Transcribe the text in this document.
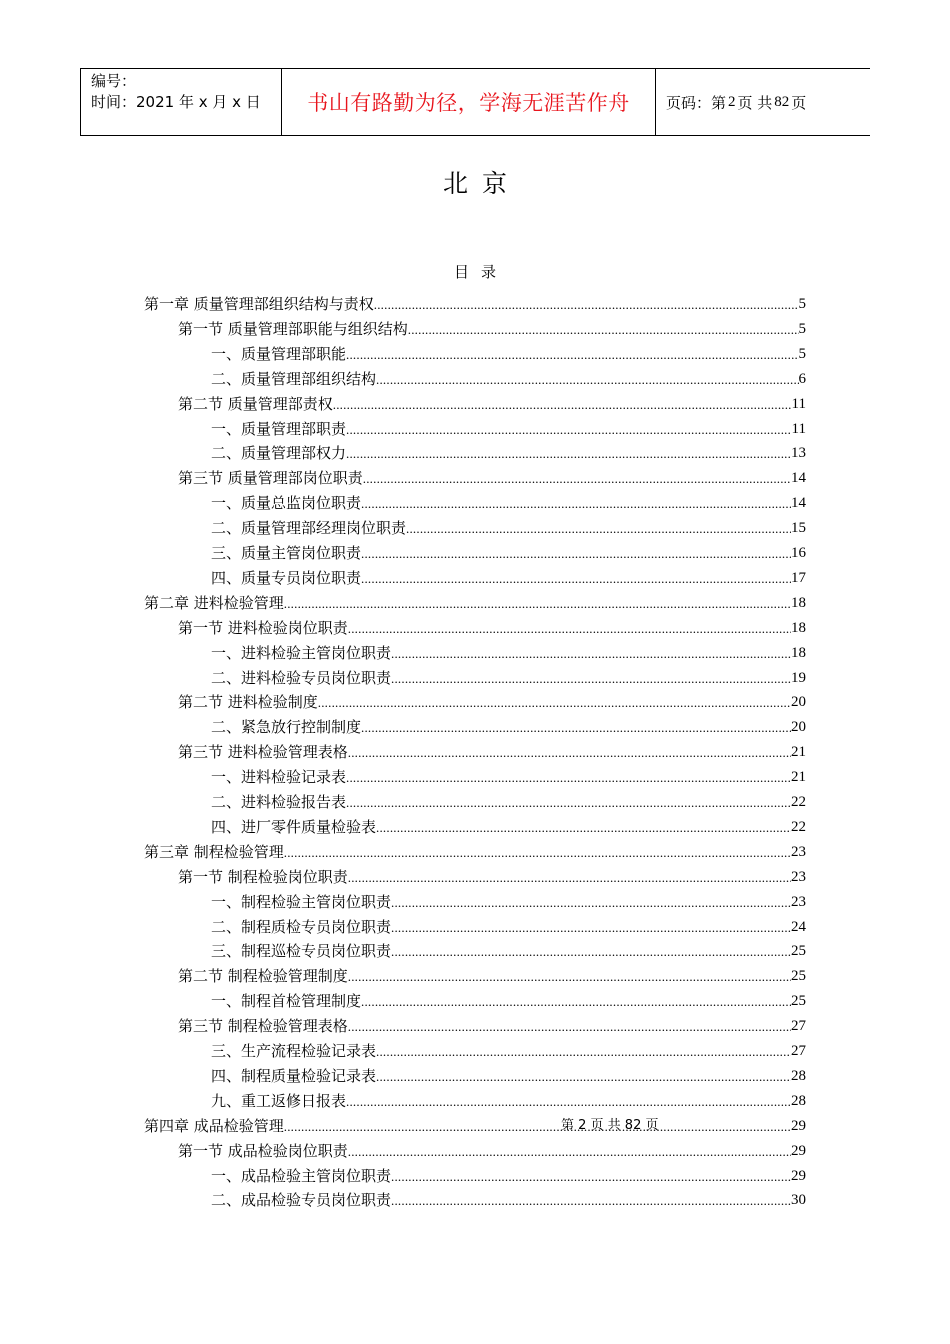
编号：
时间：2021 年 x 月 x 日	书山有路勤为径，学海无涯苦作舟 页码：第 2 页 共 82 页
北京
目录
第一章 质量管理部组织结构与责权 .....	5
第一节 质量管理部职能与组织结构 .....	5
一、质量管理部职能 .....	5
二、质量管理部组织结构 .....	6
第二节 质量管理部责权 .....	11
一、质量管理部职责 .....	11
二、质量管理部权力 .....	13
第三节 质量管理部岗位职责 .....	14
一、质量总监岗位职责 .....	14
二、质量管理部经理岗位职责 .....	15
三、质量主管岗位职责 .....	16
四、质量专员岗位职责 .....	17
第二章 进料检验管理 .....	18
第一节 进料检验岗位职责 .....	18
一、进料检验主管岗位职责 .....	18
二、进料检验专员岗位职责 .....	19
第二节 进料检验制度 .....	20
二、紧急放行控制制度 .....	20
第三节 进料检验管理表格 .....	21
一、进料检验记录表 .....	21
二、进料检验报告表 .....	22
四、进厂零件质量检验表 .....	22
第三章 制程检验管理 .....	23
第一节 制程检验岗位职责 .....	23
一、制程检验主管岗位职责 .....	23
二、制程质检专员岗位职责 .....	24
三、制程巡检专员岗位职责 .....	25
第二节 制程检验管理制度 .....	25
一、制程首检管理制度 .....	25
第三节 制程检验管理表格 .....	27
三、生产流程检验记录表 .....	27
四、制程质量检验记录表 .....	28
九、重工返修日报表 .....	28
第四章 成品检验管理 .....	29
第一节 成品检验岗位职责 .....	29
一、成品检验主管岗位职责 .....	29
二、成品检验专员岗位职责 .....	30
第 2 页 共 82 页
